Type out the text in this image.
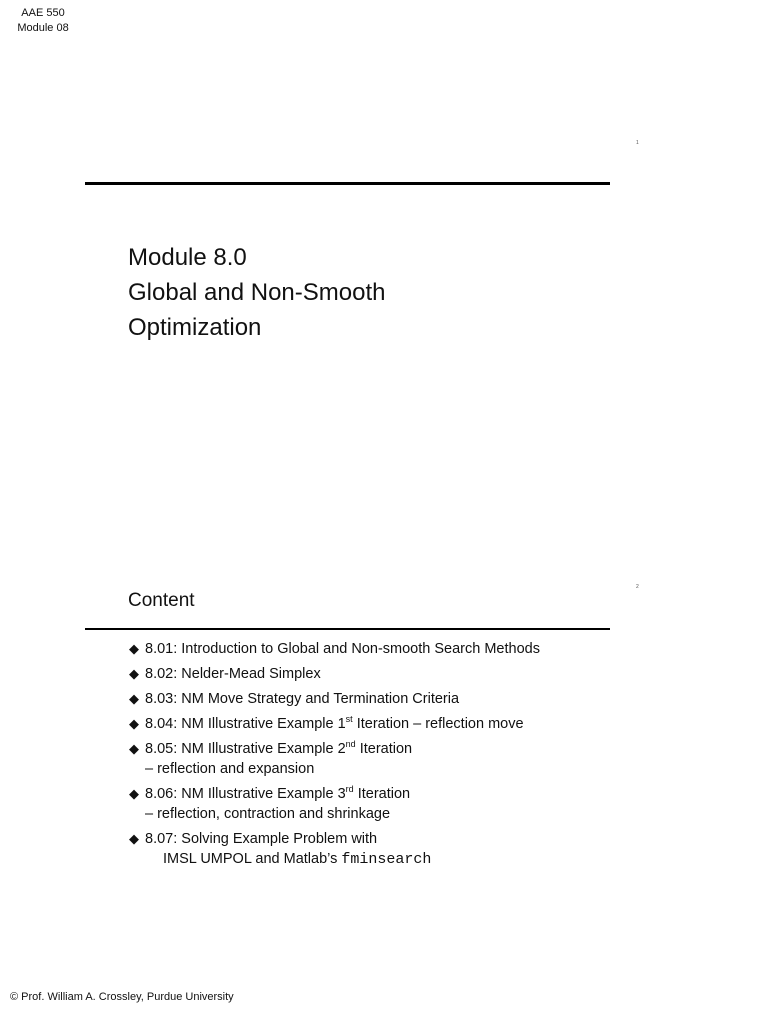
AAE 550
Module 08
1
Module 8.0
Global and Non-Smooth
Optimization
2
Content
◆ 8.01: Introduction to Global and Non-smooth Search Methods
◆ 8.02: Nelder-Mead Simplex
◆ 8.03: NM Move Strategy and Termination Criteria
◆ 8.04: NM Illustrative Example 1st Iteration – reflection move
◆ 8.05: NM Illustrative Example 2nd Iteration
– reflection and expansion
◆ 8.06: NM Illustrative Example 3rd Iteration
– reflection, contraction and shrinkage
◆ 8.07: Solving Example Problem with
IMSL UMPOL and Matlab’s fminsearch
© Prof. William A. Crossley, Purdue University
